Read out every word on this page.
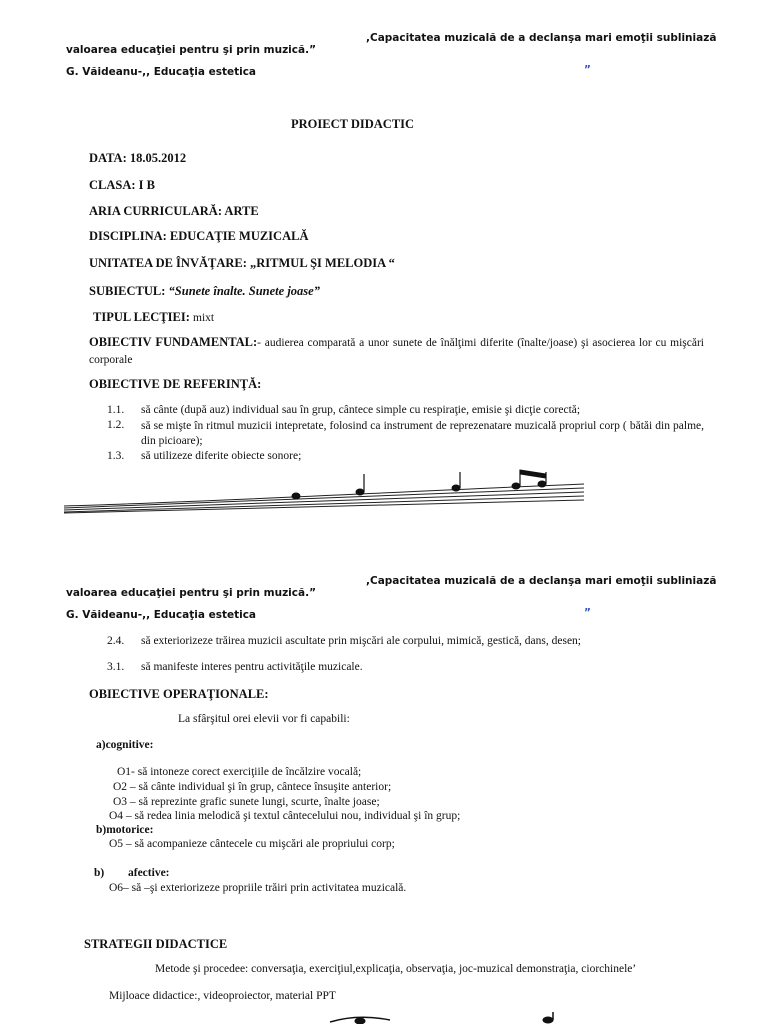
,Capacitatea muzicală de a declanşa mari emoţii subliniază
valoarea educaţiei pentru şi prin muzică.”
G. Văideanu-,, Educaţia estetica	”
PROIECT DIDACTIC
DATA: 18.05.2012
CLASA: I B
ARIA CURRICULARĂ: ARTE
DISCIPLINA: EDUCAŢIE MUZICALĂ
UNITATEA DE ÎNVĂŢARE: „RITMUL ŞI MELODIA “
SUBIECTUL: “Sunete înalte. Sunete joase”
TIPUL LECŢIEI: mixt
OBIECTIV FUNDAMENTAL:- audierea comparată a unor sunete de înălţimi diferite (înalte/joase) şi asocierea lor cu mişcări corporale
OBIECTIVE DE REFERINŢĂ:
1.1. să cânte (după auz) individual sau în grup, cântece simple cu respiraţie, emisie şi dicţie corectă;
1.2. să se mişte în ritmul muzicii intepretate, folosind ca instrument de reprezenatare muzicală propriul corp ( bătăi din palme, din picioare);
1.3. să utilizeze diferite obiecte sonore;
,Capacitatea muzicală de a declanşa mari emoţii subliniază
valoarea educaţiei pentru şi prin muzică.”
G. Văideanu-,, Educaţia estetica	”
2.4. să exteriorizeze trăirea muzicii ascultate prin mişcări ale corpului, mimică, gestică, dans, desen;
3.1. să manifeste interes pentru activităţile muzicale.
OBIECTIVE OPERAŢIONALE:
La sfârşitul orei elevii vor fi capabili:
a)cognitive:
O1- să intoneze corect exerciţiile de încălzire vocală;
O2 – să cânte individual şi în grup, cântece însuşite anterior;
O3 – să reprezinte grafic sunete lungi, scurte, înalte joase;
O4 – să redea linia melodică şi textul cântecelului nou, individual şi în grup;
b)motorice:
O5 – să acompanieze cântecele cu mişcări ale propriului corp;
b) afective:
O6– să –şi exteriorizeze propriile trăiri prin activitatea muzicală.
STRATEGII DIDACTICE
Metode şi procedee: conversaţia, exerciţiul,explicaţia, observaţia, joc-muzical demonstraţia, ciorchinele’
Mijloace didactice:, videoproiector, material PPT
